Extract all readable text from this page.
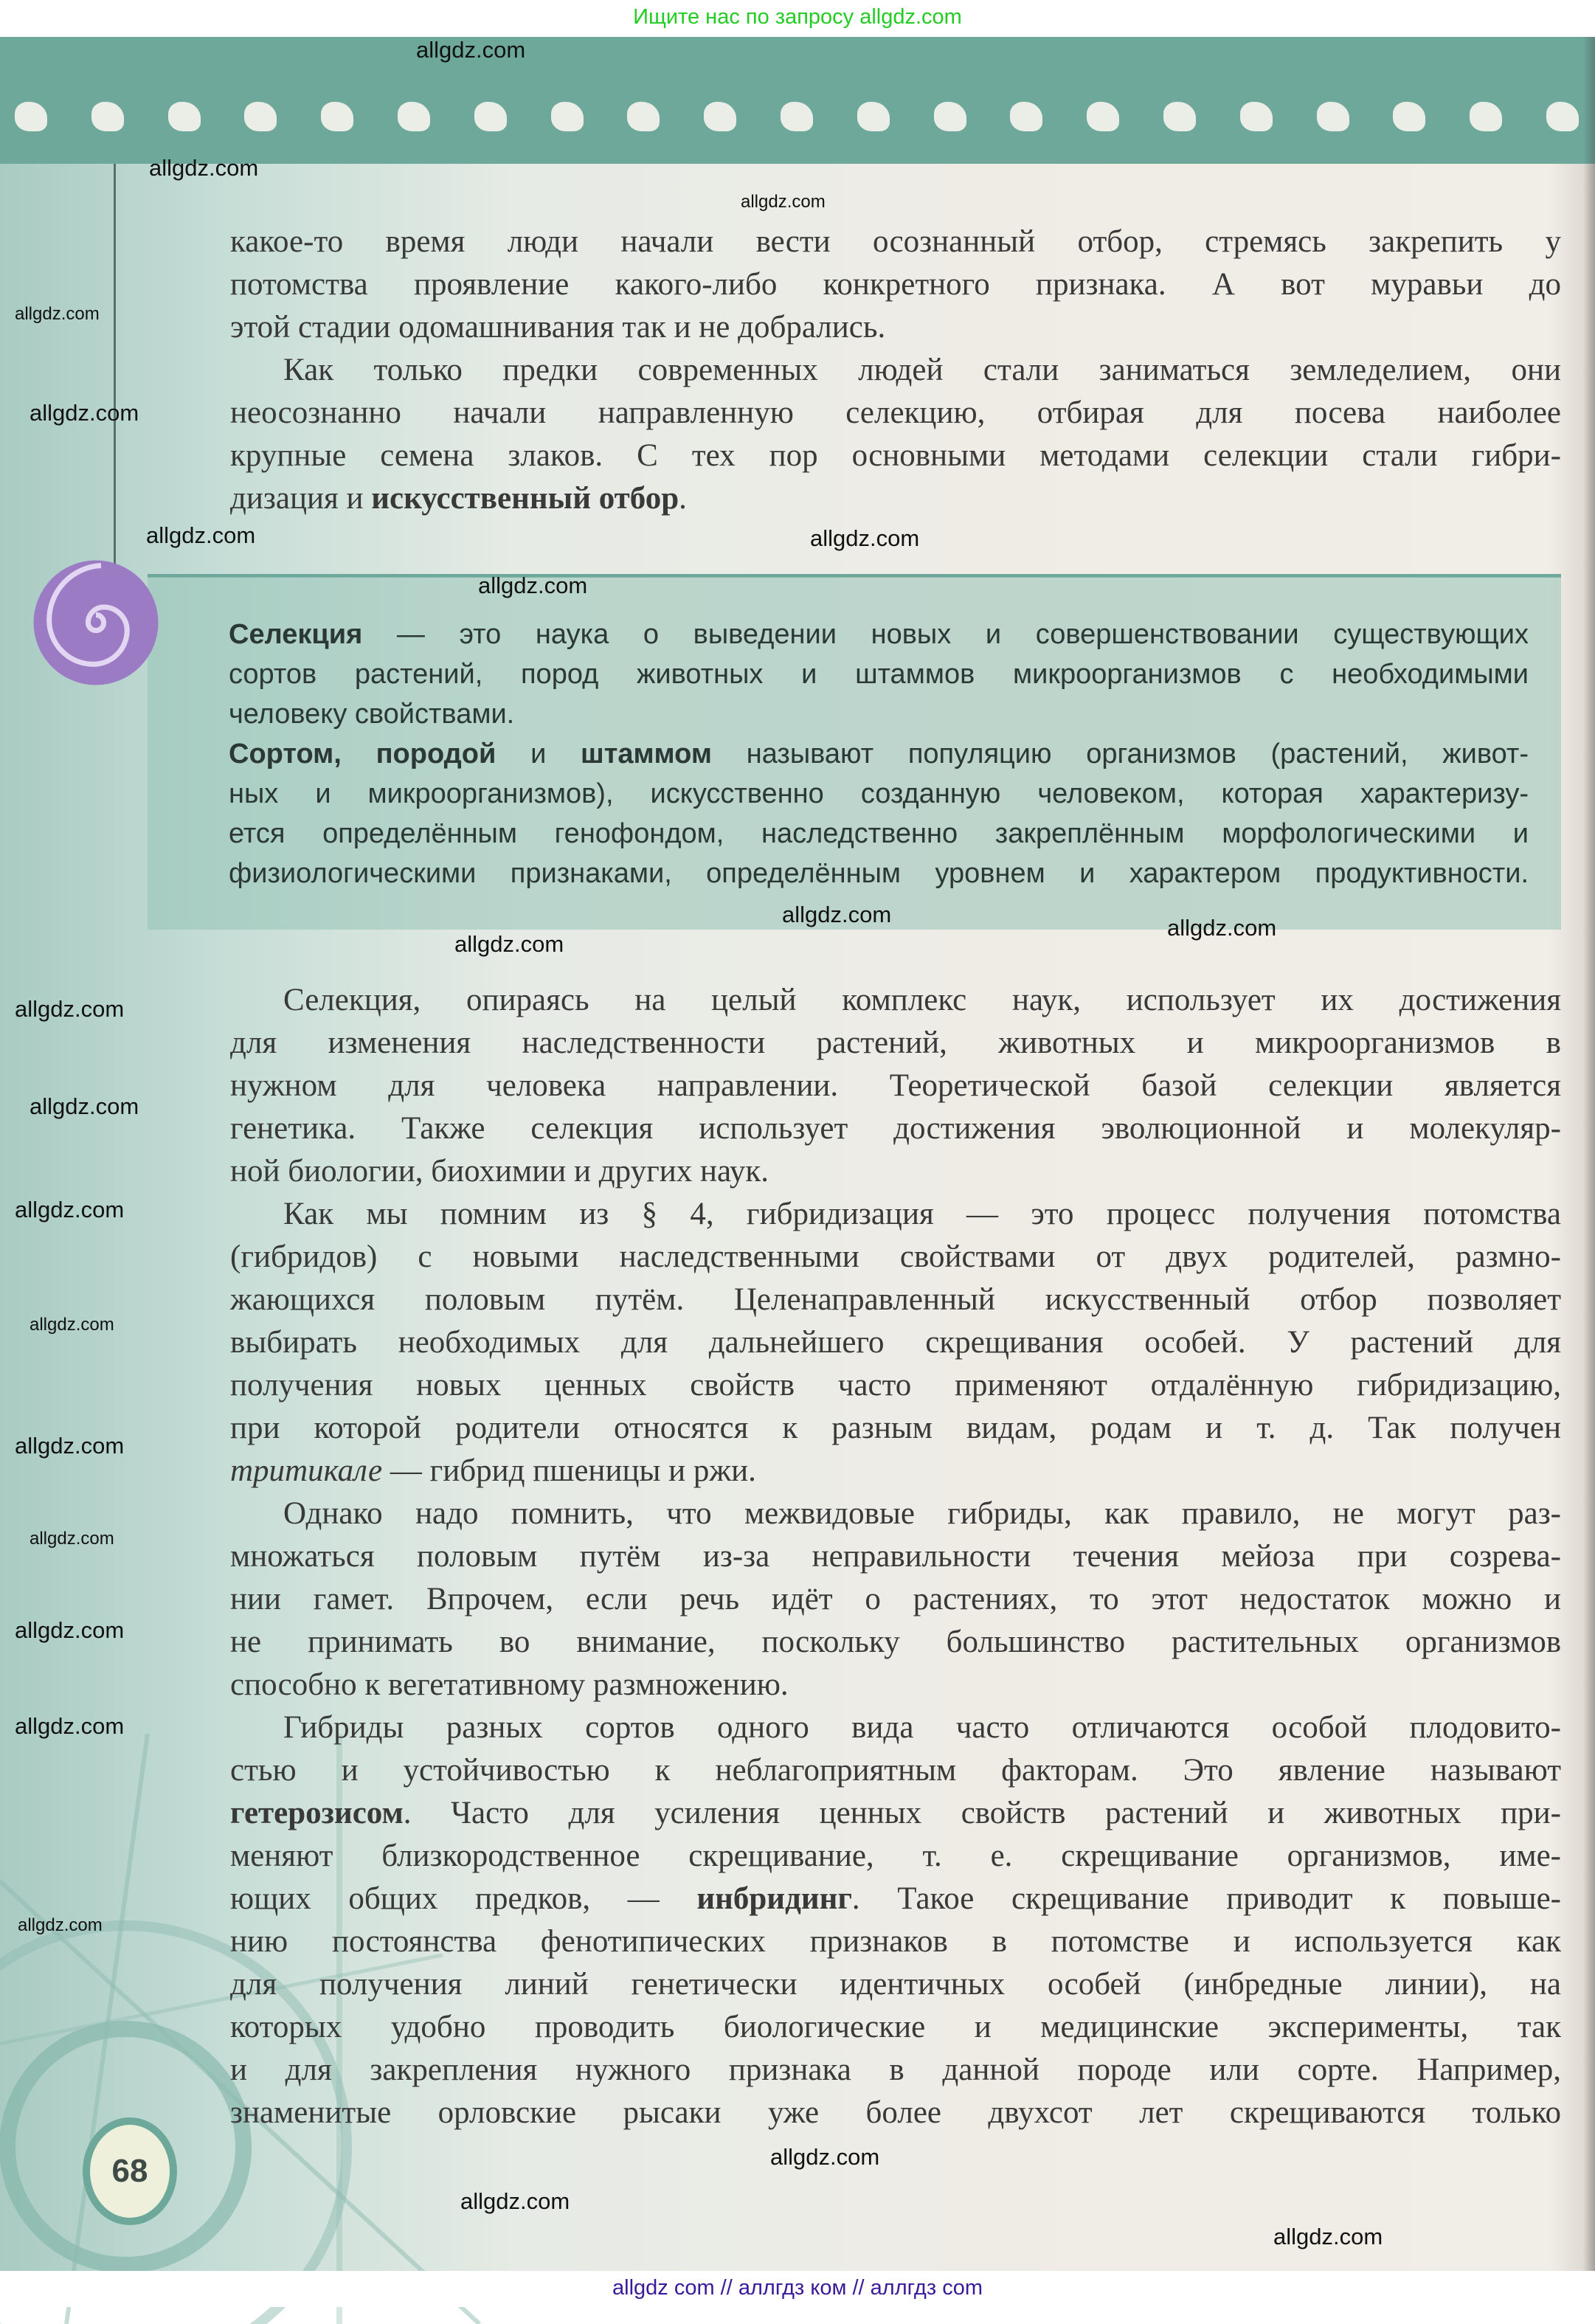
Ищите нас по запросу allgdz.com
какое-то время люди начали вести осознанный отбор, стремясь закрепить у
потомства проявление какого-либо конкретного признака. А вот муравьи до
этой стадии одомашнивания так и не добрались.
Как только предки современных людей стали заниматься земледелием, они
неосознанно начали направленную селекцию, отбирая для посева наиболее
крупные семена злаков. С тех пор основными методами селекции стали гибри-
дизация и искусственный отбор.
Селекция — это наука о выведении новых и совершенствовании существующих
сортов растений, пород животных и штаммов микроорганизмов с необходимыми
человеку свойствами.
Сортом, породой и штаммом называют популяцию организмов (растений, живот-
ных и микроорганизмов), искусственно созданную человеком, которая характеризу-
ется определённым генофондом, наследственно закреплённым морфологическими и
физиологическими признаками, определённым уровнем и характером продуктивности.
Селекция, опираясь на целый комплекс наук, использует их достижения
для изменения наследственности растений, животных и микроорганизмов в
нужном для человека направлении. Теоретической базой селекции является
генетика. Также селекция использует достижения эволюционной и молекуляр-
ной биологии, биохимии и других наук.
Как мы помним из § 4, гибридизация — это процесс получения потомства
(гибридов) с новыми наследственными свойствами от двух родителей, размно-
жающихся половым путём. Целенаправленный искусственный отбор позволяет
выбирать необходимых для дальнейшего скрещивания особей. У растений для
получения новых ценных свойств часто применяют отдалённую гибридизацию,
при которой родители относятся к разным видам, родам и т. д. Так получен
тритикале — гибрид пшеницы и ржи.
Однако надо помнить, что межвидовые гибриды, как правило, не могут раз-
множаться половым путём из-за неправильности течения мейоза при созрева-
нии гамет. Впрочем, если речь идёт о растениях, то этот недостаток можно и
не принимать во внимание, поскольку большинство растительных организмов
способно к вегетативному размножению.
Гибриды разных сортов одного вида часто отличаются особой плодовито-
стью и устойчивостью к неблагоприятным факторам. Это явление называют
гетерозисом. Часто для усиления ценных свойств растений и животных при-
меняют близкородственное скрещивание, т. е. скрещивание организмов, име-
ющих общих предков, — инбридинг. Такое скрещивание приводит к повыше-
нию постоянства фенотипических признаков в потомстве и используется как
для получения линий генетически идентичных особей (инбредные линии), на
которых удобно проводить биологические и медицинские эксперименты, так
и для закрепления нужного признака в данной породе или сорте. Например,
знаменитые орловские рысаки уже более двухсот лет скрещиваются только
68
allgdz.com
allgdz.com
allgdz.com
allgdz.com
allgdz.com
allgdz.com
allgdz.com
allgdz.com
allgdz.com
allgdz.com
allgdz.com
allgdz.com
allgdz.com
allgdz.com
allgdz.com
allgdz.com
allgdz.com
allgdz.com
allgdz.com
allgdz.com
allgdz.com
allgdz.com
allgdz.com
allgdz com // аллгдз ком // аллгдз com
